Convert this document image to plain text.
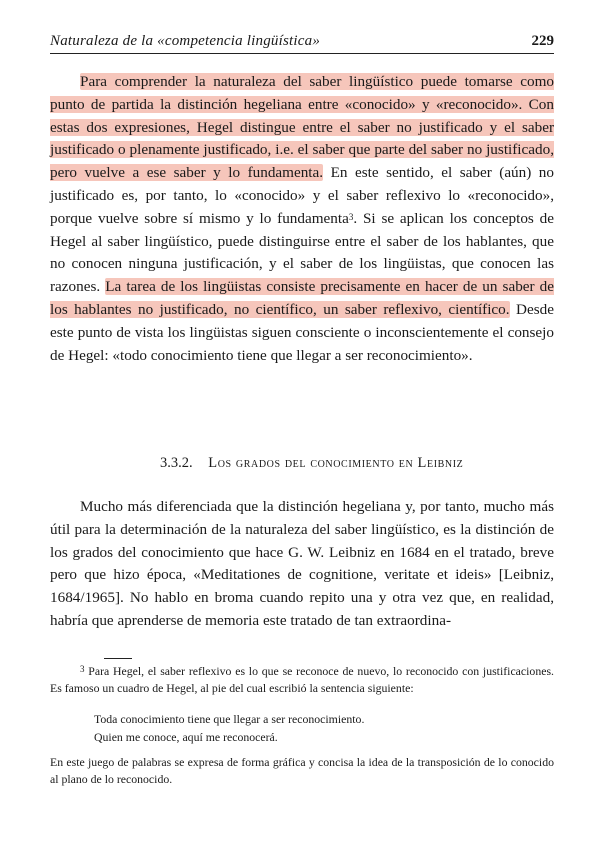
Naturaleza de la «competencia lingüística»	229

Para comprender la naturaleza del saber lingüístico puede tomarse como punto de partida la distinción hegeliana entre «conocido» y «reconocido». Con estas dos expresiones, Hegel distingue entre el saber no justificado y el saber justificado o plenamente justificado, i.e. el saber que parte del saber no justificado, pero vuelve a ese saber y lo fundamenta. En este sentido, el saber (aún) no justificado es, por tanto, lo «conocido» y el saber reflexivo lo «reconocido», porque vuelve sobre sí mismo y lo fundamenta$^3$. Si se aplican los conceptos de Hegel al saber lingüístico, puede distinguirse entre el saber de los hablantes, que no conocen ninguna justificación, y el saber de los lingüistas, que conocen las razones. La tarea de los lingüistas consiste precisamente en hacer de un saber de los hablantes no justificado, no científico, un saber reflexivo, científico. Desde este punto de vista los lingüistas siguen consciente o inconscientemente el consejo de Hegel: «todo conocimiento tiene que llegar a ser reconocimiento».

3.3.2. Los grados del conocimiento en Leibniz

Mucho más diferenciada que la distinción hegeliana y, por tanto, mucho más útil para la determinación de la naturaleza del saber lingüístico, es la distinción de los grados del conocimiento que hace G. W. Leibniz en 1684 en el tratado, breve pero que hizo época, «Meditationes de cognitione, veritate et ideis» [Leibniz, 1684/1965]. No hablo en broma cuando repito una y otra vez que, en realidad, habría que aprenderse de memoria este tratado de tan extraordina-

$^3$ Para Hegel, el saber reflexivo es lo que se reconoce de nuevo, lo reconocido con justificaciones. Es famoso un cuadro de Hegel, al pie del cual escribió la sentencia siguiente:

Toda conocimiento tiene que llegar a ser reconocimiento.
Quien me conoce, aquí me reconocerá.

En este juego de palabras se expresa de forma gráfica y concisa la idea de la transposición de lo conocido al plano de lo reconocido.
